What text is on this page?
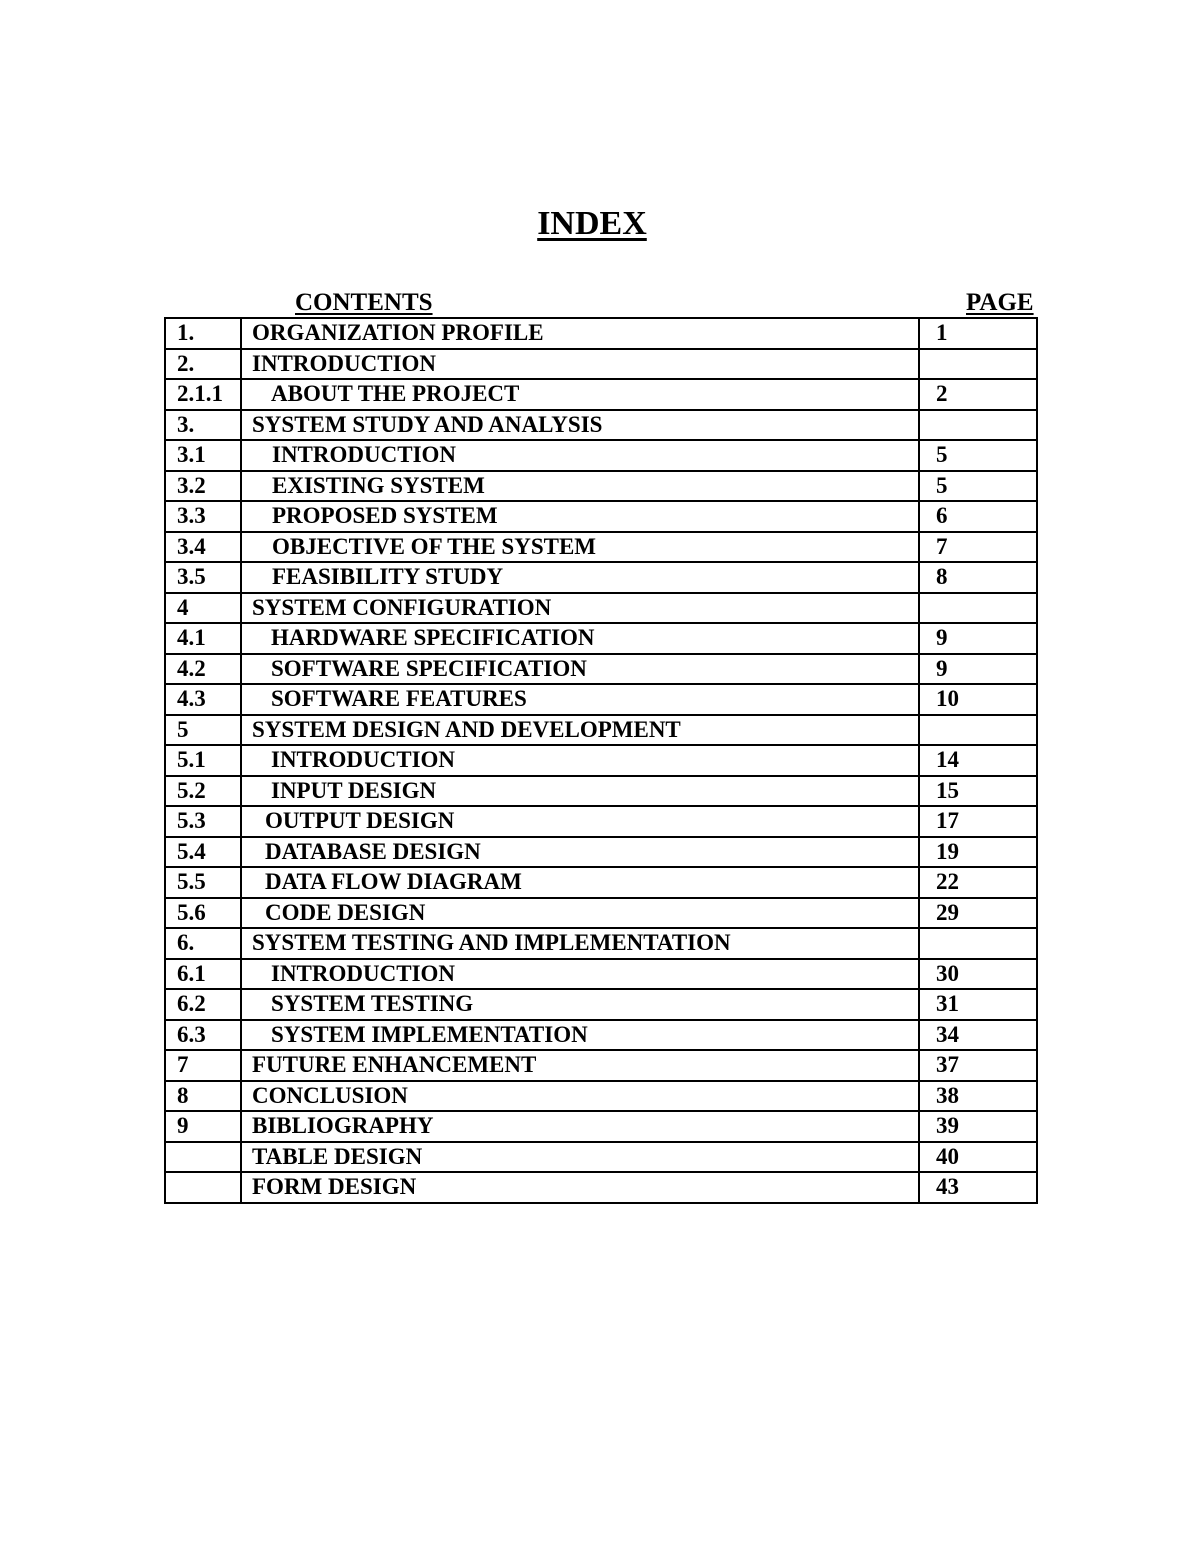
INDEX
CONTENTS	PAGE
1.	ORGANIZATION PROFILE	1
2.	INTRODUCTION	
2.1.1	ABOUT THE PROJECT	2
3.	SYSTEM STUDY AND ANALYSIS	
3.1	INTRODUCTION	5
3.2	EXISTING SYSTEM	5
3.3	PROPOSED SYSTEM	6
3.4	OBJECTIVE OF THE SYSTEM	7
3.5	FEASIBILITY STUDY	8
4	SYSTEM CONFIGURATION	
4.1	HARDWARE SPECIFICATION	9
4.2	SOFTWARE SPECIFICATION	9
4.3	SOFTWARE FEATURES	10
5	SYSTEM DESIGN AND DEVELOPMENT	
5.1	INTRODUCTION	14
5.2	INPUT DESIGN	15
5.3	OUTPUT DESIGN	17
5.4	DATABASE DESIGN	19
5.5	DATA FLOW DIAGRAM	22
5.6	CODE DESIGN	29
6.	SYSTEM TESTING AND IMPLEMENTATION	
6.1	INTRODUCTION	30
6.2	SYSTEM TESTING	31
6.3	SYSTEM IMPLEMENTATION	34
7	FUTURE ENHANCEMENT	37
8	CONCLUSION	38
9	BIBLIOGRAPHY	39
	TABLE DESIGN	40
	FORM DESIGN	43
